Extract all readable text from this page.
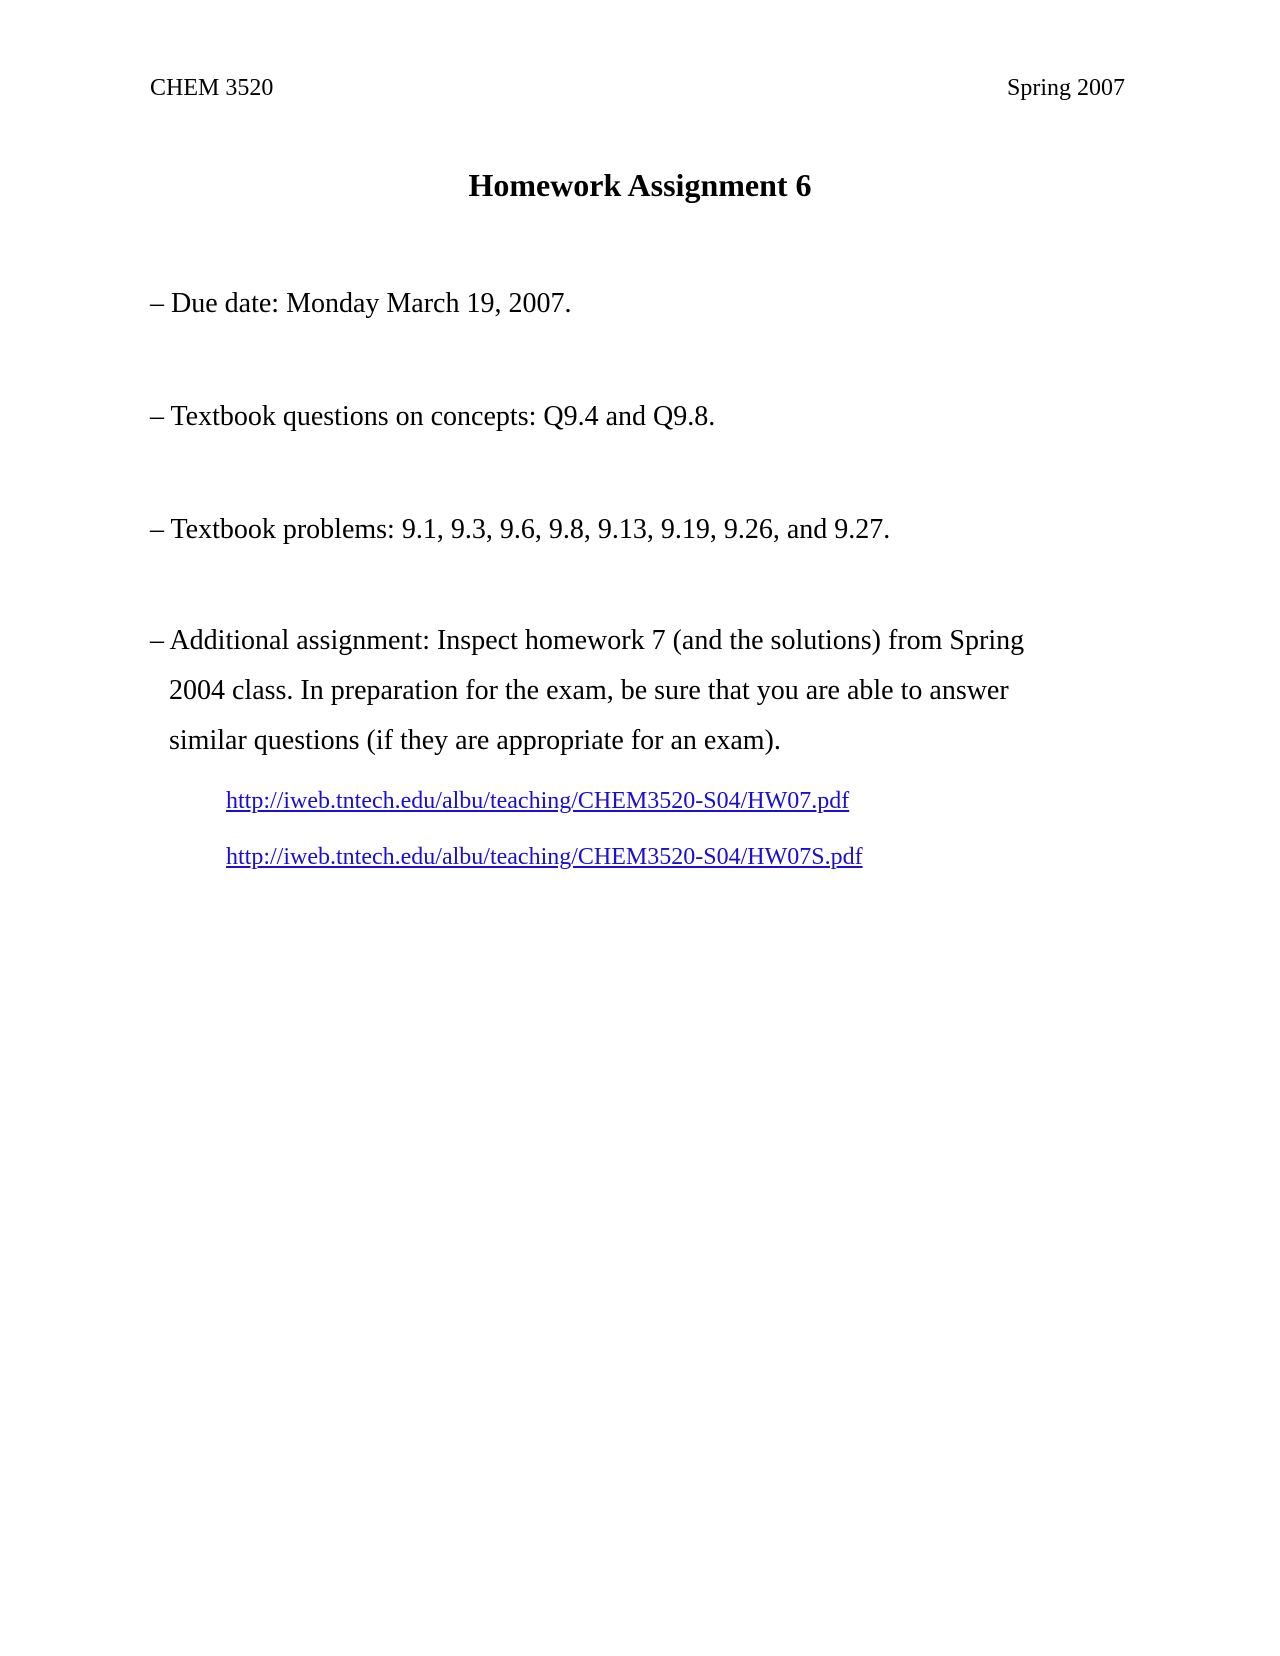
CHEM 3520	Spring 2007
Homework Assignment 6
– Due date: Monday March 19, 2007.
– Textbook questions on concepts: Q9.4 and Q9.8.
– Textbook problems: 9.1, 9.3, 9.6, 9.8, 9.13, 9.19, 9.26, and 9.27.
– Additional assignment: Inspect homework 7 (and the solutions) from Spring
2004 class. In preparation for the exam, be sure that you are able to answer
similar questions (if they are appropriate for an exam).
http://iweb.tntech.edu/albu/teaching/CHEM3520-S04/HW07.pdf
http://iweb.tntech.edu/albu/teaching/CHEM3520-S04/HW07S.pdf
